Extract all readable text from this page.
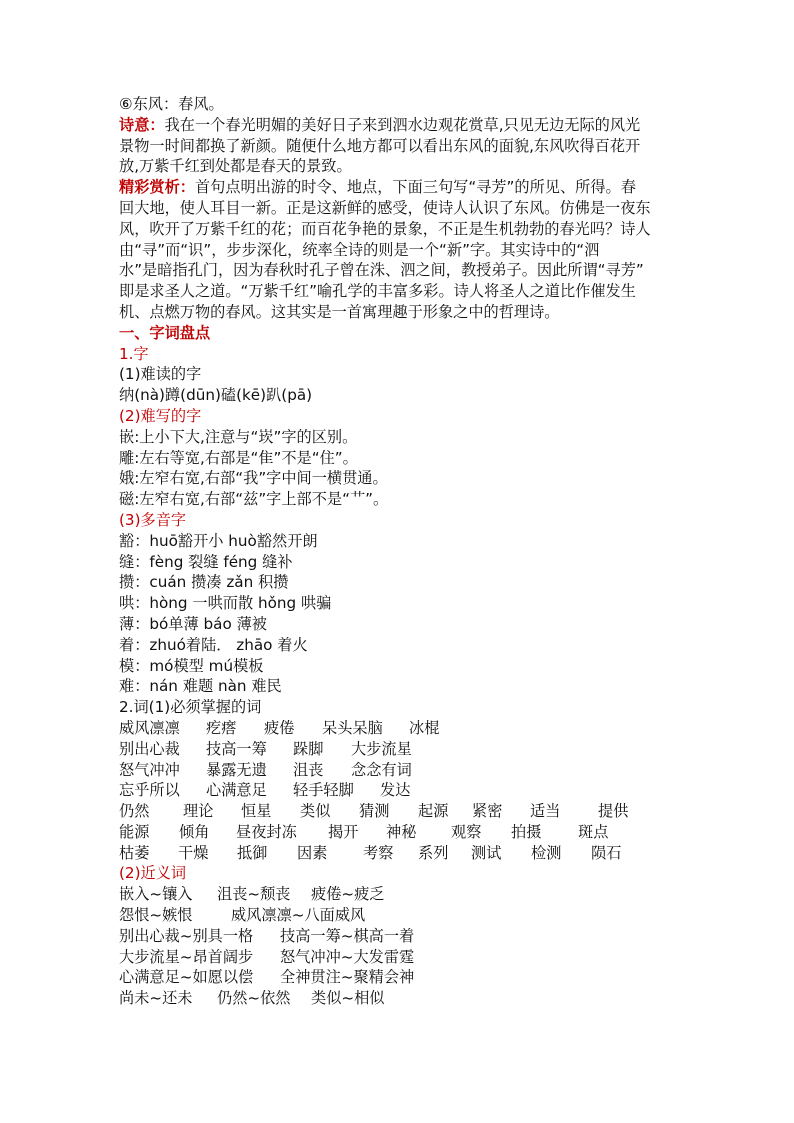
⑥东风：春风。
诗意：我在一个春光明媚的美好日子来到泗水边观花赏草,只见无边无际的风光
景物一时间都换了新颜。随便什么地方都可以看出东风的面貌,东风吹得百花开
放,万紫千红到处都是春天的景致。
精彩赏析：首句点明出游的时令、地点，下面三句写“寻芳”的所见、所得。春
回大地，使人耳目一新。正是这新鲜的感受，使诗人认识了东风。仿佛是一夜东
风，吹开了万紫千红的花；而百花争艳的景象，不正是生机勃勃的春光吗？诗人
由“寻”而“识”，步步深化，统率全诗的则是一个“新”字。其实诗中的“泗
水”是暗指孔门，因为春秋时孔子曾在洙、泗之间，教授弟子。因此所谓“寻芳”
即是求圣人之道。“万紫千红”喻孔学的丰富多彩。诗人将圣人之道比作催发生
机、点燃万物的春风。这其实是一首寓理趣于形象之中的哲理诗。
一、字词盘点
1.字
(1)难读的字
纳(nà)蹲(dūn)磕(kē)趴(pā)
(2)难写的字
嵌:上小下大,注意与“崁”字的区别。
雕:左右等宽,右部是“隹”不是“住”。
娥:左窄右宽,右部“我”字中间一横贯通。
磁:左窄右宽,右部“兹”字上部不是“艹”。
(3)多音字
豁：huō豁开小 huò豁然开朗
缝：fèng 裂缝 féng 缝补
攒：cuán 攒凑 zǎn 积攒
哄：hòng 一哄而散 hǒng 哄骗
薄：bó单薄 báo 薄被
着：zhuó着陆． zhāo 着火
模：mó模型 mú模板
难：nán 难题 nàn 难民
2.词(1)必须掌握的词
威风凛凛	疙瘩	疲倦	呆头呆脑	冰棍
别出心裁	技高一筹	跺脚	大步流星
怒气冲冲	暴露无遗	沮丧	念念有词
忘乎所以	心满意足	轻手轻脚	发达
仍然	理论	恒星	类似	猜测	起源	紧密	适当	提供
能源	倾角	昼夜封冻	揭开	神秘	观察	拍摄	斑点
枯萎	干燥	抵御	因素	考察	系列	测试	检测	陨石
(2)近义词
嵌入~镶入	沮丧~颓丧	疲倦~疲乏
怨恨~嫉恨	威风凛凛~八面威风
别出心裁~别具一格	技高一筹~棋高一着
大步流星~昂首阔步	怒气冲冲~大发雷霆
心满意足~如愿以偿	全神贯注~聚精会神
尚未~还未	仍然~依然	类似~相似
